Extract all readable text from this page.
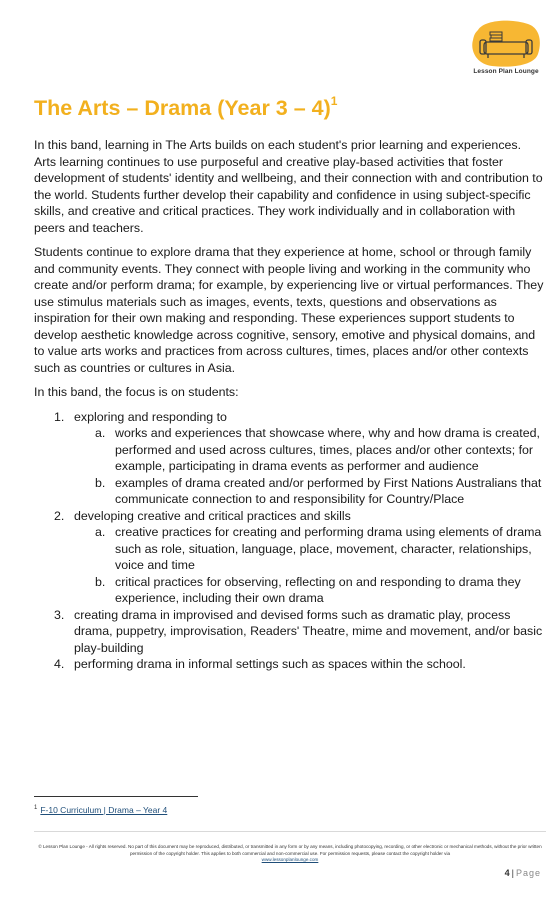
Lesson Plan Lounge
The Arts – Drama (Year 3 – 4)$^1$

In this band, learning in The Arts builds on each student's prior learning and experiences. Arts learning continues to use purposeful and creative play-based activities that foster development of students' identity and wellbeing, and their connection with and contribution to the world. Students further develop their capability and confidence in using subject-specific skills, and creative and critical practices. They work individually and in collaboration with peers and teachers.

Students continue to explore drama that they experience at home, school or through family and community events. They connect with people living and working in the community who create and/or perform drama; for example, by experiencing live or virtual performances. They use stimulus materials such as images, events, texts, questions and observations as inspiration for their own making and responding. These experiences support students to develop aesthetic knowledge across cognitive, sensory, emotive and physical domains, and to value arts works and practices from across cultures, times, places and/or other contexts such as countries or cultures in Asia.

In this band, the focus is on students:

1. exploring and responding to
a. works and experiences that showcase where, why and how drama is created, performed and used across cultures, times, places and/or other contexts; for example, participating in drama events as performer and audience
b. examples of drama created and/or performed by First Nations Australians that communicate connection to and responsibility for Country/Place
2. developing creative and critical practices and skills
a. creative practices for creating and performing drama using elements of drama such as role, situation, language, place, movement, character, relationships, voice and time
b. critical practices for observing, reflecting on and responding to drama they experience, including their own drama
3. creating drama in improvised and devised forms such as dramatic play, process drama, puppetry, improvisation, Readers' Theatre, mime and movement, and/or basic play-building
4. performing drama in informal settings such as spaces within the school.
$^1$ F-10 Curriculum | Drama – Year 4
© Lesson Plan Lounge - All rights reserved. No part of this document may be reproduced, distributed, or transmitted in any form or by any means, including photocopying, recording, or other electronic or mechanical methods, without the prior written permission of the copyright holder. This applies to both commercial and non-commercial use. For permission requests, please contact the copyright holder via
www.lessonplanlounge.com
4 | Page
